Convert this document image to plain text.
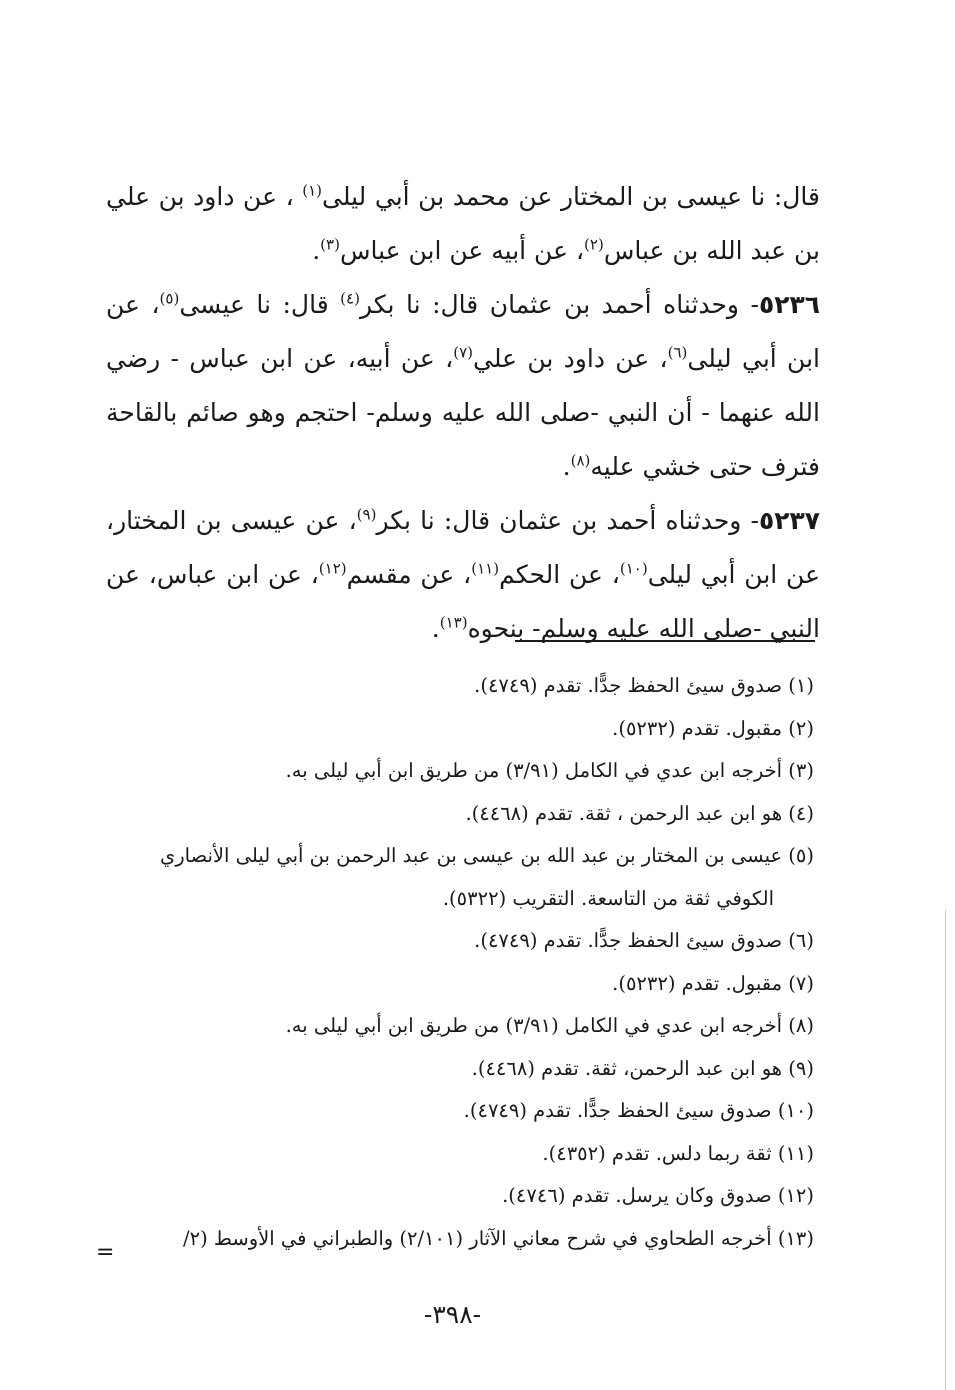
قال: نا عيسى بن المختار عن محمد بن أبي ليلى$^{(١)}$ ، عن داود بن علي بن عبد الله بن عباس$^{(٢)}$، عن أبيه عن ابن عباس$^{(٣)}$.

٥٢٣٦- وحدثناه أحمد بن عثمان قال: نا بكر$^{(٤)}$ قال: نا عيسى$^{(٥)}$، عن ابن أبي ليلى$^{(٦)}$، عن داود بن علي$^{(٧)}$، عن أبيه، عن ابن عباس - رضي الله عنهما - أن النبي -صلى الله عليه وسلم- احتجم وهو صائم بالقاحة فترف حتى خشي عليه$^{(٨)}$.

٥٢٣٧- وحدثناه أحمد بن عثمان قال: نا بكر$^{(٩)}$، عن عيسى بن المختار، عن ابن أبي ليلى$^{(١٠)}$، عن الحكم$^{(١١)}$، عن مقسم$^{(١٢)}$، عن ابن عباس، عن النبي -صلى الله عليه وسلم- بنحوه$^{(١٣)}$.

(١) صدوق سيئ الحفظ جدًّا. تقدم (٤٧٤٩).

(٢) مقبول. تقدم (٥٢٣٢).

(٣) أخرجه ابن عدي في الكامل (٣/٩١) من طريق ابن أبي ليلى به.

(٤) هو ابن عبد الرحمن ، ثقة. تقدم (٤٤٦٨).

(٥) عيسى بن المختار بن عبد الله بن عيسى بن عبد الرحمن بن أبي ليلى الأنصاري

الكوفي ثقة من التاسعة. التقريب (٥٣٢٢).

(٦) صدوق سيئ الحفظ جدًّا. تقدم (٤٧٤٩).

(٧) مقبول. تقدم (٥٢٣٢).

(٨) أخرجه ابن عدي في الكامل (٣/٩١) من طريق ابن أبي ليلى به.

(٩) هو ابن عبد الرحمن، ثقة. تقدم (٤٤٦٨).

(١٠) صدوق سيئ الحفظ جدًّا. تقدم (٤٧٤٩).

(١١) ثقة ربما دلس. تقدم (٤٣٥٢).

(١٢) صدوق وكان يرسل. تقدم (٤٧٤٦).

(١٣) أخرجه الطحاوي في شرح معاني الآثار (٢/١٠١) والطبراني في الأوسط (٢/

=
-٣٩٨-
